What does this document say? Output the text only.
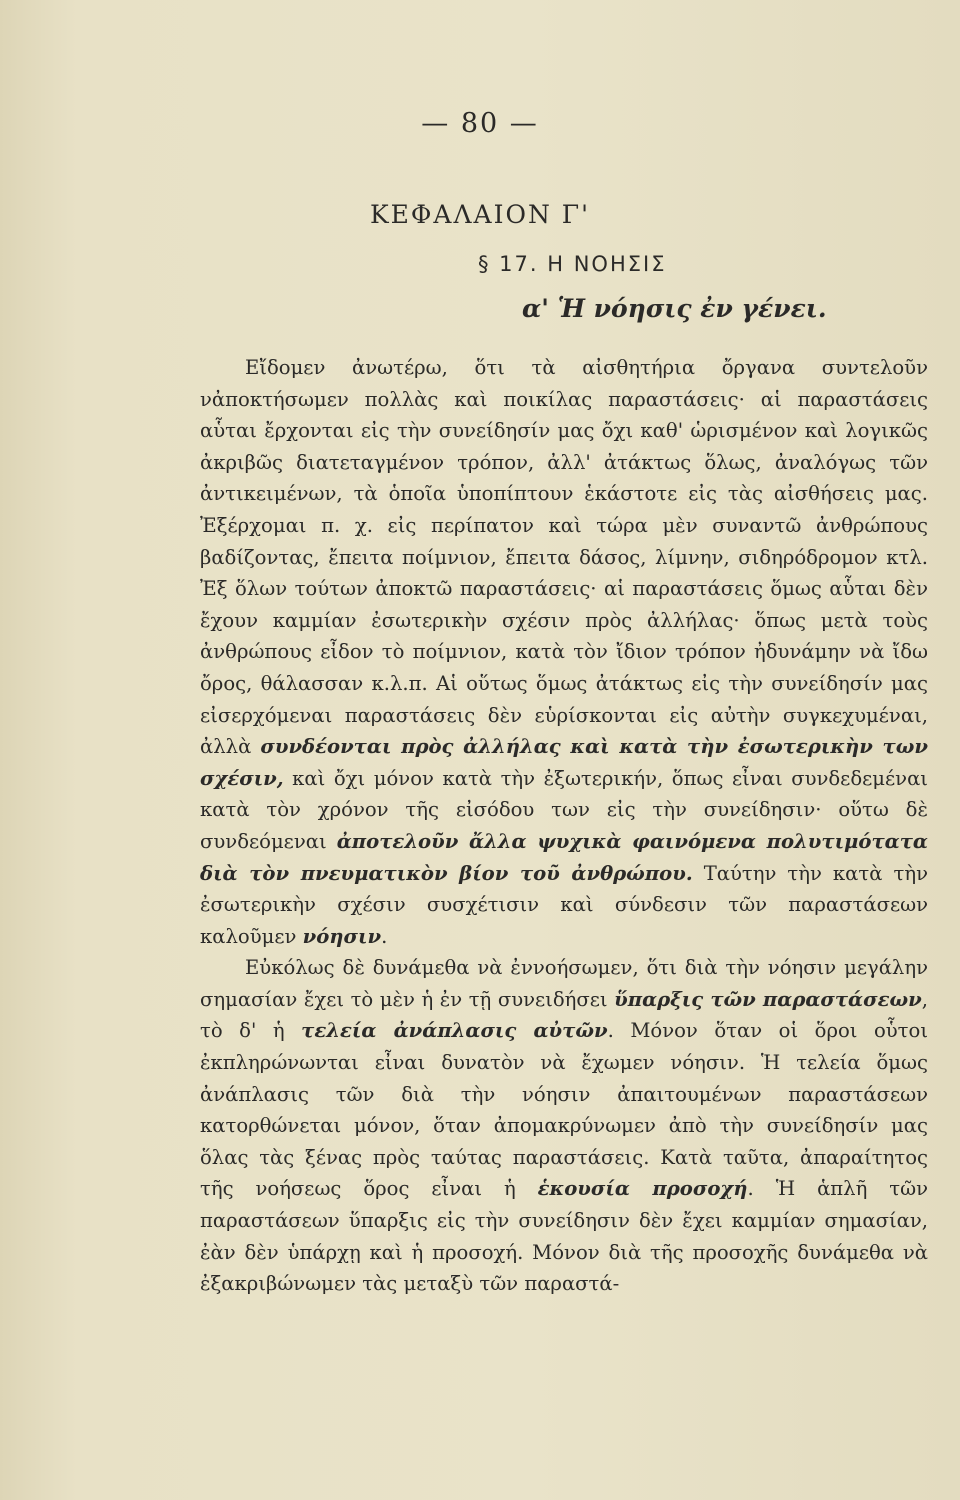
— 80 —
ΚΕΦΑΛΑΙΟΝ Γ'
§ 17. Η ΝΟΗΣΙΣ
α' Ἡ νόησις ἐν γένει.

Εἴδομεν ἀνωτέρω, ὅτι τὰ αἰσθητήρια ὄργανα συντελοῦν νἀποκτήσωμεν πολλὰς καὶ ποικίλας παραστάσεις· αἱ παραστάσεις αὗται ἔρχονται εἰς τὴν συνείδησίν μας ὄχι καθ' ὡρισμένον καὶ λογικῶς ἀκριβῶς διατεταγμένον τρόπον, ἀλλ' ἀτάκτως ὅλως, ἀναλόγως τῶν ἀντικειμένων, τὰ ὁποῖα ὑποπίπτουν ἑκάστοτε εἰς τὰς αἰσθήσεις μας. Ἐξέρχομαι π. χ. εἰς περίπατον καὶ τώρα μὲν συναντῶ ἀνθρώπους βαδίζοντας, ἔπειτα ποίμνιον, ἔπειτα δάσος, λίμνην, σιδηρόδρομον κτλ. Ἐξ ὅλων τούτων ἀποκτῶ παραστάσεις· αἱ παραστάσεις ὅμως αὗται δὲν ἔχουν καμμίαν ἐσωτερικὴν σχέσιν πρὸς ἀλλήλας· ὅπως μετὰ τοὺς ἀνθρώπους εἶδον τὸ ποίμνιον, κατὰ τὸν ἴδιον τρόπον ἠδυνάμην νὰ ἴδω ὄρος, θάλασσαν κ.λ.π. Αἱ οὕτως ὅμως ἀτάκτως εἰς τὴν συνείδησίν μας εἰσερχόμεναι παραστάσεις δὲν εὑρίσκονται εἰς αὐτὴν συγκεχυμέναι, ἀλλὰ συνδέονται πρὸς ἀλλήλας καὶ κατὰ τὴν ἐσωτερικὴν των σχέσιν, καὶ ὄχι μόνον κατὰ τὴν ἐξωτερικήν, ὅπως εἶναι συνδεδεμέναι κατὰ τὸν χρόνον τῆς εἰσόδου των εἰς τὴν συνείδησιν· οὕτω δὲ συνδεόμεναι ἀποτελοῦν ἄλλα ψυχικὰ φαινόμενα πολυτιμότατα διὰ τὸν πνευματικὸν βίον τοῦ ἀνθρώπου. Ταύτην τὴν κατὰ τὴν ἐσωτερικὴν σχέσιν συσχέτισιν καὶ σύνδεσιν τῶν παραστάσεων καλοῦμεν νόησιν.

Εὐκόλως δὲ δυνάμεθα νὰ ἐννοήσωμεν, ὅτι διὰ τὴν νόησιν μεγάλην σημασίαν ἔχει τὸ μὲν ἡ ἐν τῇ συνειδήσει ὕπαρξις τῶν παραστάσεων, τὸ δ' ἡ τελεία ἀνάπλασις αὐτῶν. Μόνον ὅταν οἱ ὅροι οὗτοι ἐκπληρώνωνται εἶναι δυνατὸν νὰ ἔχωμεν νόησιν. Ἡ τελεία ὅμως ἀνάπλασις τῶν διὰ τὴν νόησιν ἀπαιτουμένων παραστάσεων κατορθώνεται μόνον, ὅταν ἀπομακρύνωμεν ἀπὸ τὴν συνείδησίν μας ὅλας τὰς ξένας πρὸς ταύτας παραστάσεις. Κατὰ ταῦτα, ἀπαραίτητος τῆς νοήσεως ὅρος εἶναι ἡ ἑκουσία προσοχή. Ἡ ἁπλῆ τῶν παραστάσεων ὕπαρξις εἰς τὴν συνείδησιν δὲν ἔχει καμμίαν σημασίαν, ἐὰν δὲν ὑπάρχῃ καὶ ἡ προσοχή. Μόνον διὰ τῆς προσοχῆς δυνάμεθα νὰ ἐξακριβώνωμεν τὰς μεταξὺ τῶν παραστά-
